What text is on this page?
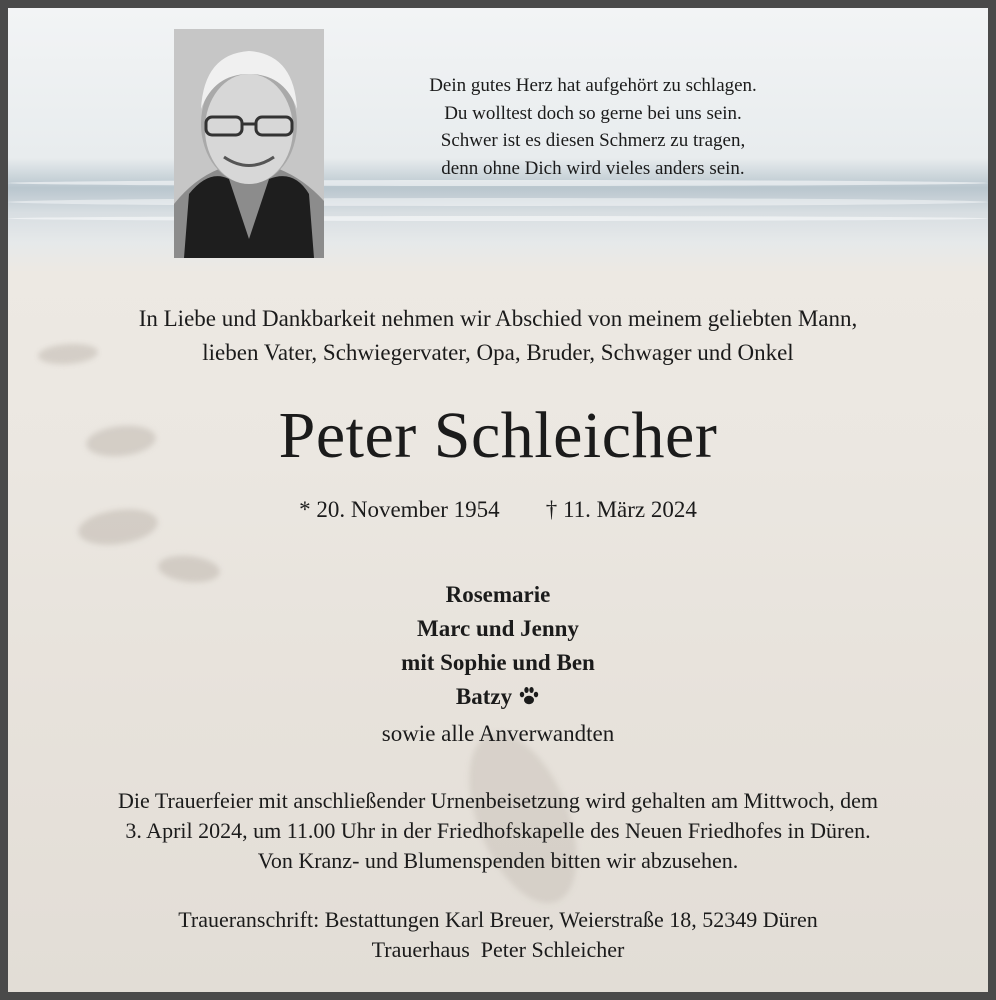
Dein gutes Herz hat aufgehört zu schlagen.
Du wolltest doch so gerne bei uns sein.
Schwer ist es diesen Schmerz zu tragen,
denn ohne Dich wird vieles anders sein.
In Liebe und Dankbarkeit nehmen wir Abschied von meinem geliebten Mann,
lieben Vater, Schwiegervater, Opa, Bruder, Schwager und Onkel
Peter Schleicher
* 20. November 1954 † 11. März 2024
Rosemarie
Marc und Jenny
mit Sophie und Ben
Batzy
sowie alle Anverwandten
Die Trauerfeier mit anschließender Urnenbeisetzung wird gehalten am Mittwoch, dem
3. April 2024, um 11.00 Uhr in der Friedhofskapelle des Neuen Friedhofes in Düren.
Von Kranz- und Blumenspenden bitten wir abzusehen.
Traueranschrift: Bestattungen Karl Breuer, Weierstraße 18, 52349 Düren
Trauerhaus  Peter Schleicher
